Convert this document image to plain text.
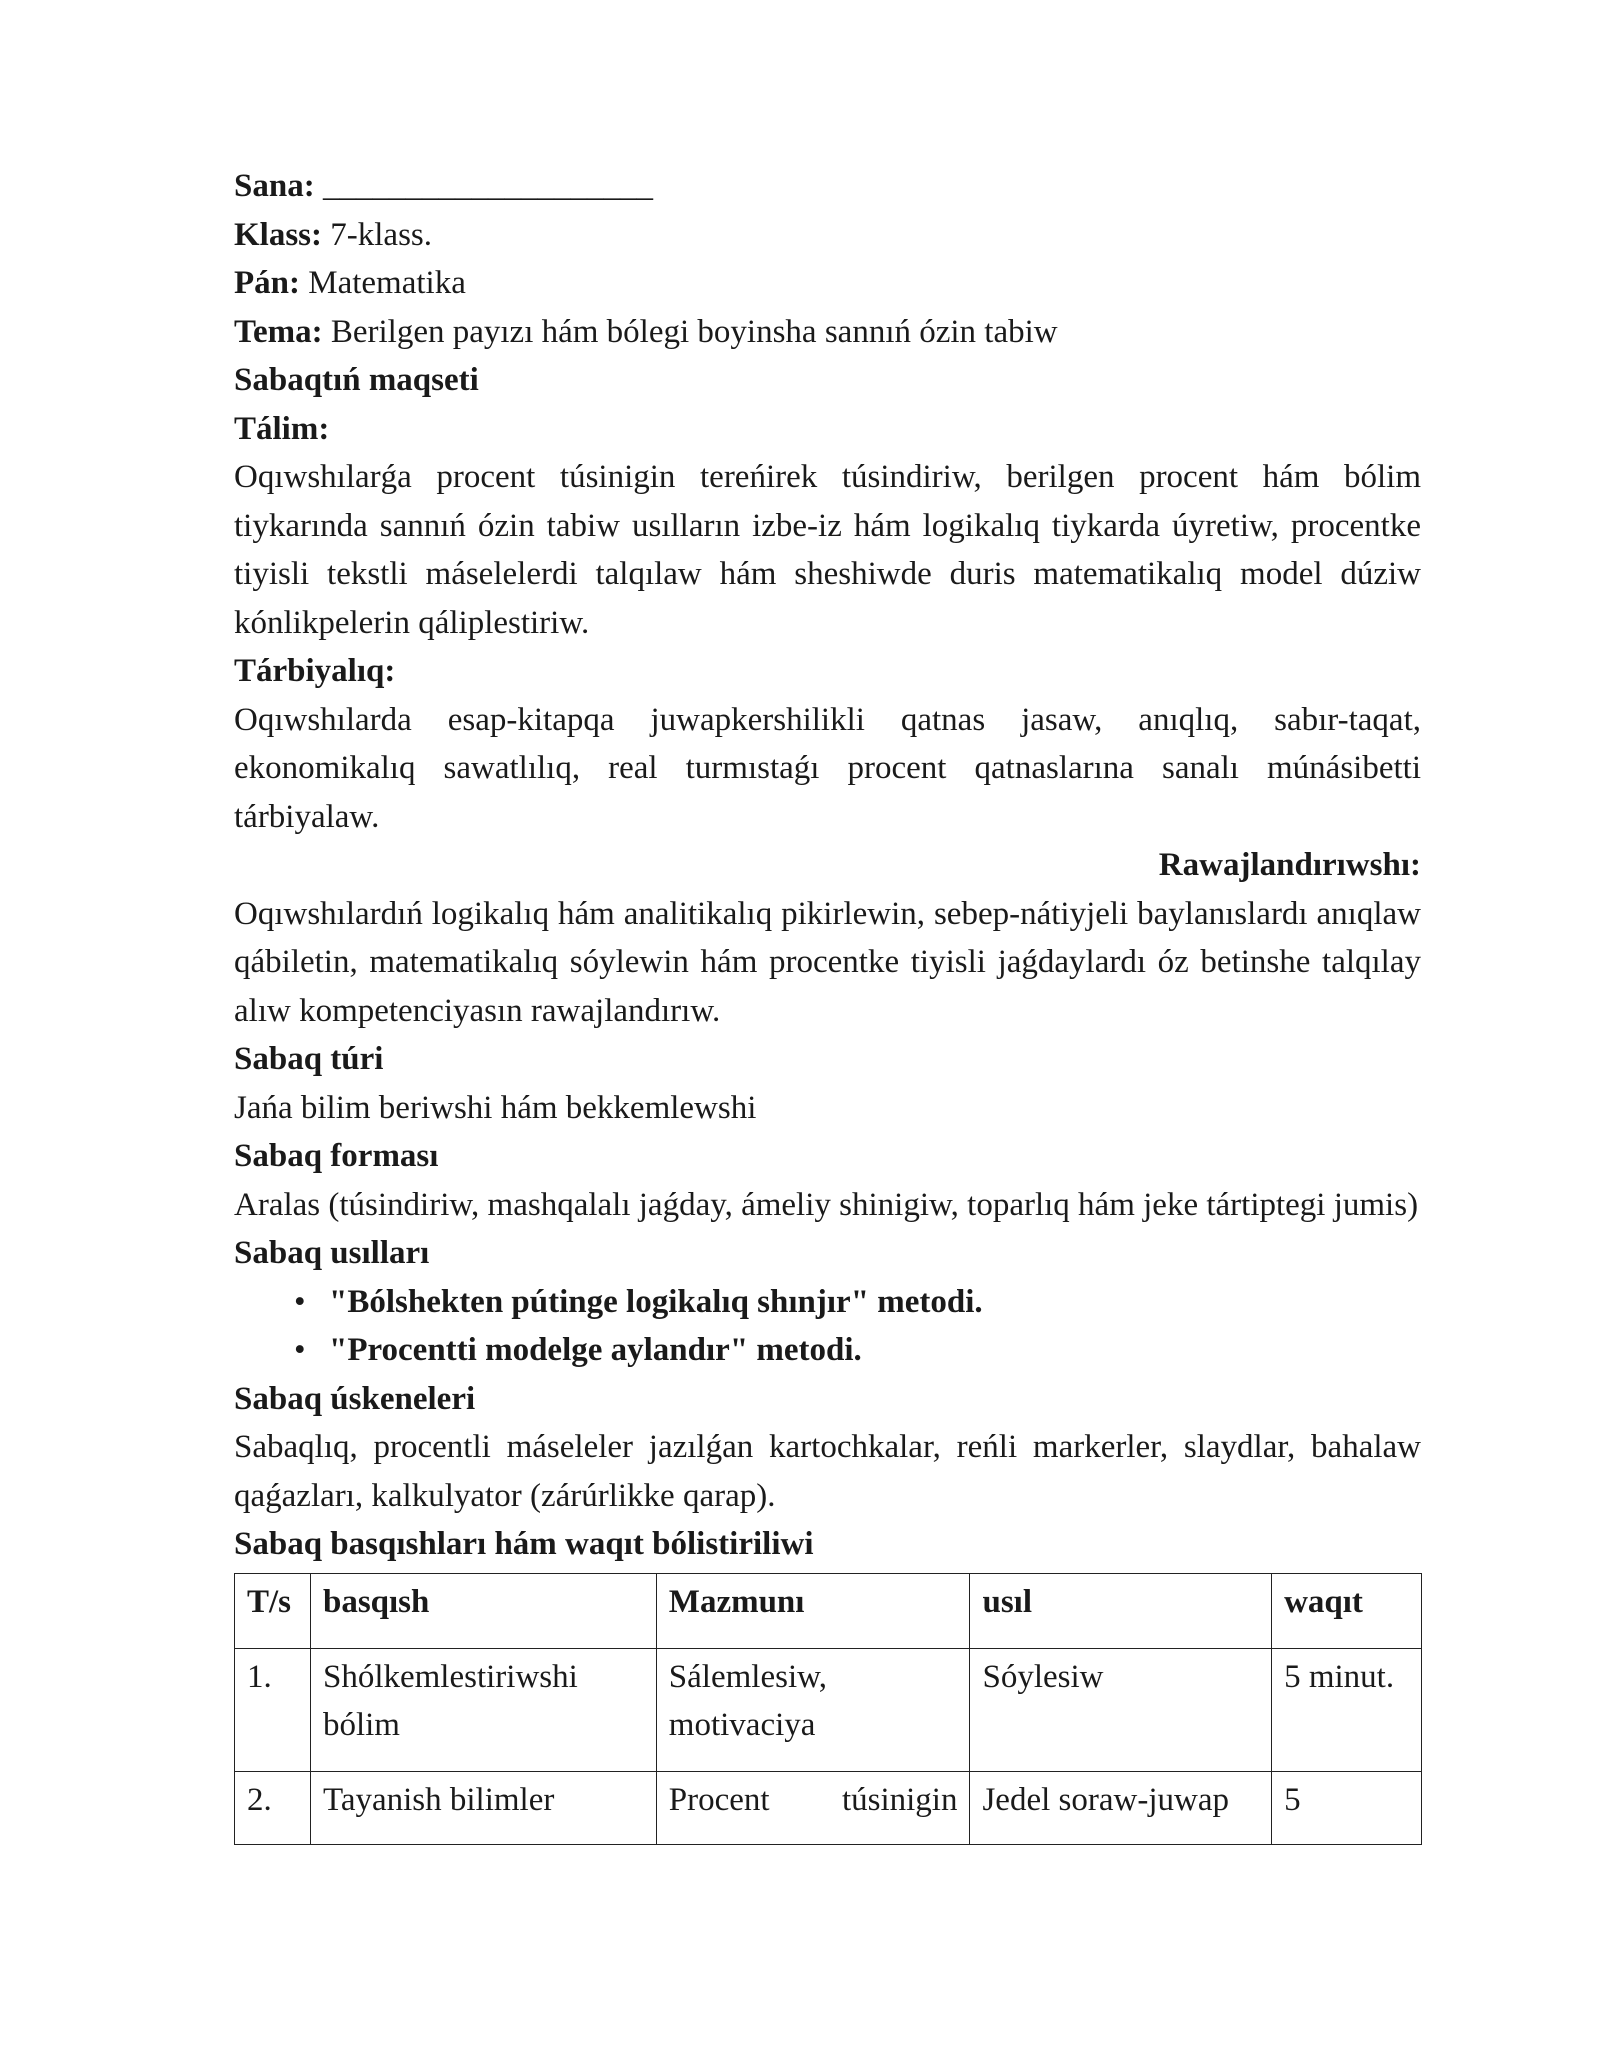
Sana: ____________________

Klass: 7-klass.

Pán: Matematika

Tema: Berilgen payızı hám bólegi boyinsha sannıń ózin tabiw

Sabaqtıń maqseti

Tálim:

Oqıwshılarǵa procent túsinigin tereńirek túsindiriw, berilgen procent hám bólim tiykarında sannıń ózin tabiw usılların izbe-iz hám logikalıq tiykarda úyretiw, procentke tiyisli tekstli máselelerdi talqılaw hám sheshiwde duris matematikalıq model dúziw kónlikpelerin qáliplestiriw.

Tárbiyalıq:

Oqıwshılarda esap-kitapqa juwapkershilikli qatnas jasaw, anıqlıq, sabır-taqat, ekonomikalıq sawatlılıq, real turmıstaǵı procent qatnaslarına sanalı múnásibetti tárbiyalaw.

Rawajlandırıwshı:

Oqıwshılardıń logikalıq hám analitikalıq pikirlewin, sebep-nátiyjeli baylanıslardı anıqlaw qábiletin, matematikalıq sóylewin hám procentke tiyisli jaǵdaylardı óz betinshe talqılay alıw kompetenciyasın rawajlandırıw.

Sabaq túri

Jańa bilim beriwshi hám bekkemlewshi

Sabaq forması

Aralas (túsindiriw, mashqalalı jaǵday, ámeliy shinigiw, toparlıq hám jeke tártiptegi jumis)

Sabaq usılları

• "Bólshekten pútinge logikalıq shınjır" metodi.
• "Procentti modelge aylandır" metodi.

Sabaq úskeneleri

Sabaqlıq, procentli máseleler jazılǵan kartochkalar, reńli markerler, slaydlar, bahalaw qaǵazları, kalkulyator (zárúrlikke qarap).

Sabaq basqıshları hám waqıt bólistiriliwi

T/s	basqısh	Mazmunı	usıl	waqıt
1.	Shólkemlestiriwshi bólim	Sálemlesiw, motivaciya	Sóylesiw	5 minut.
2.	Tayanish bilimler	Procent túsinigin	Jedel soraw-juwap	5
